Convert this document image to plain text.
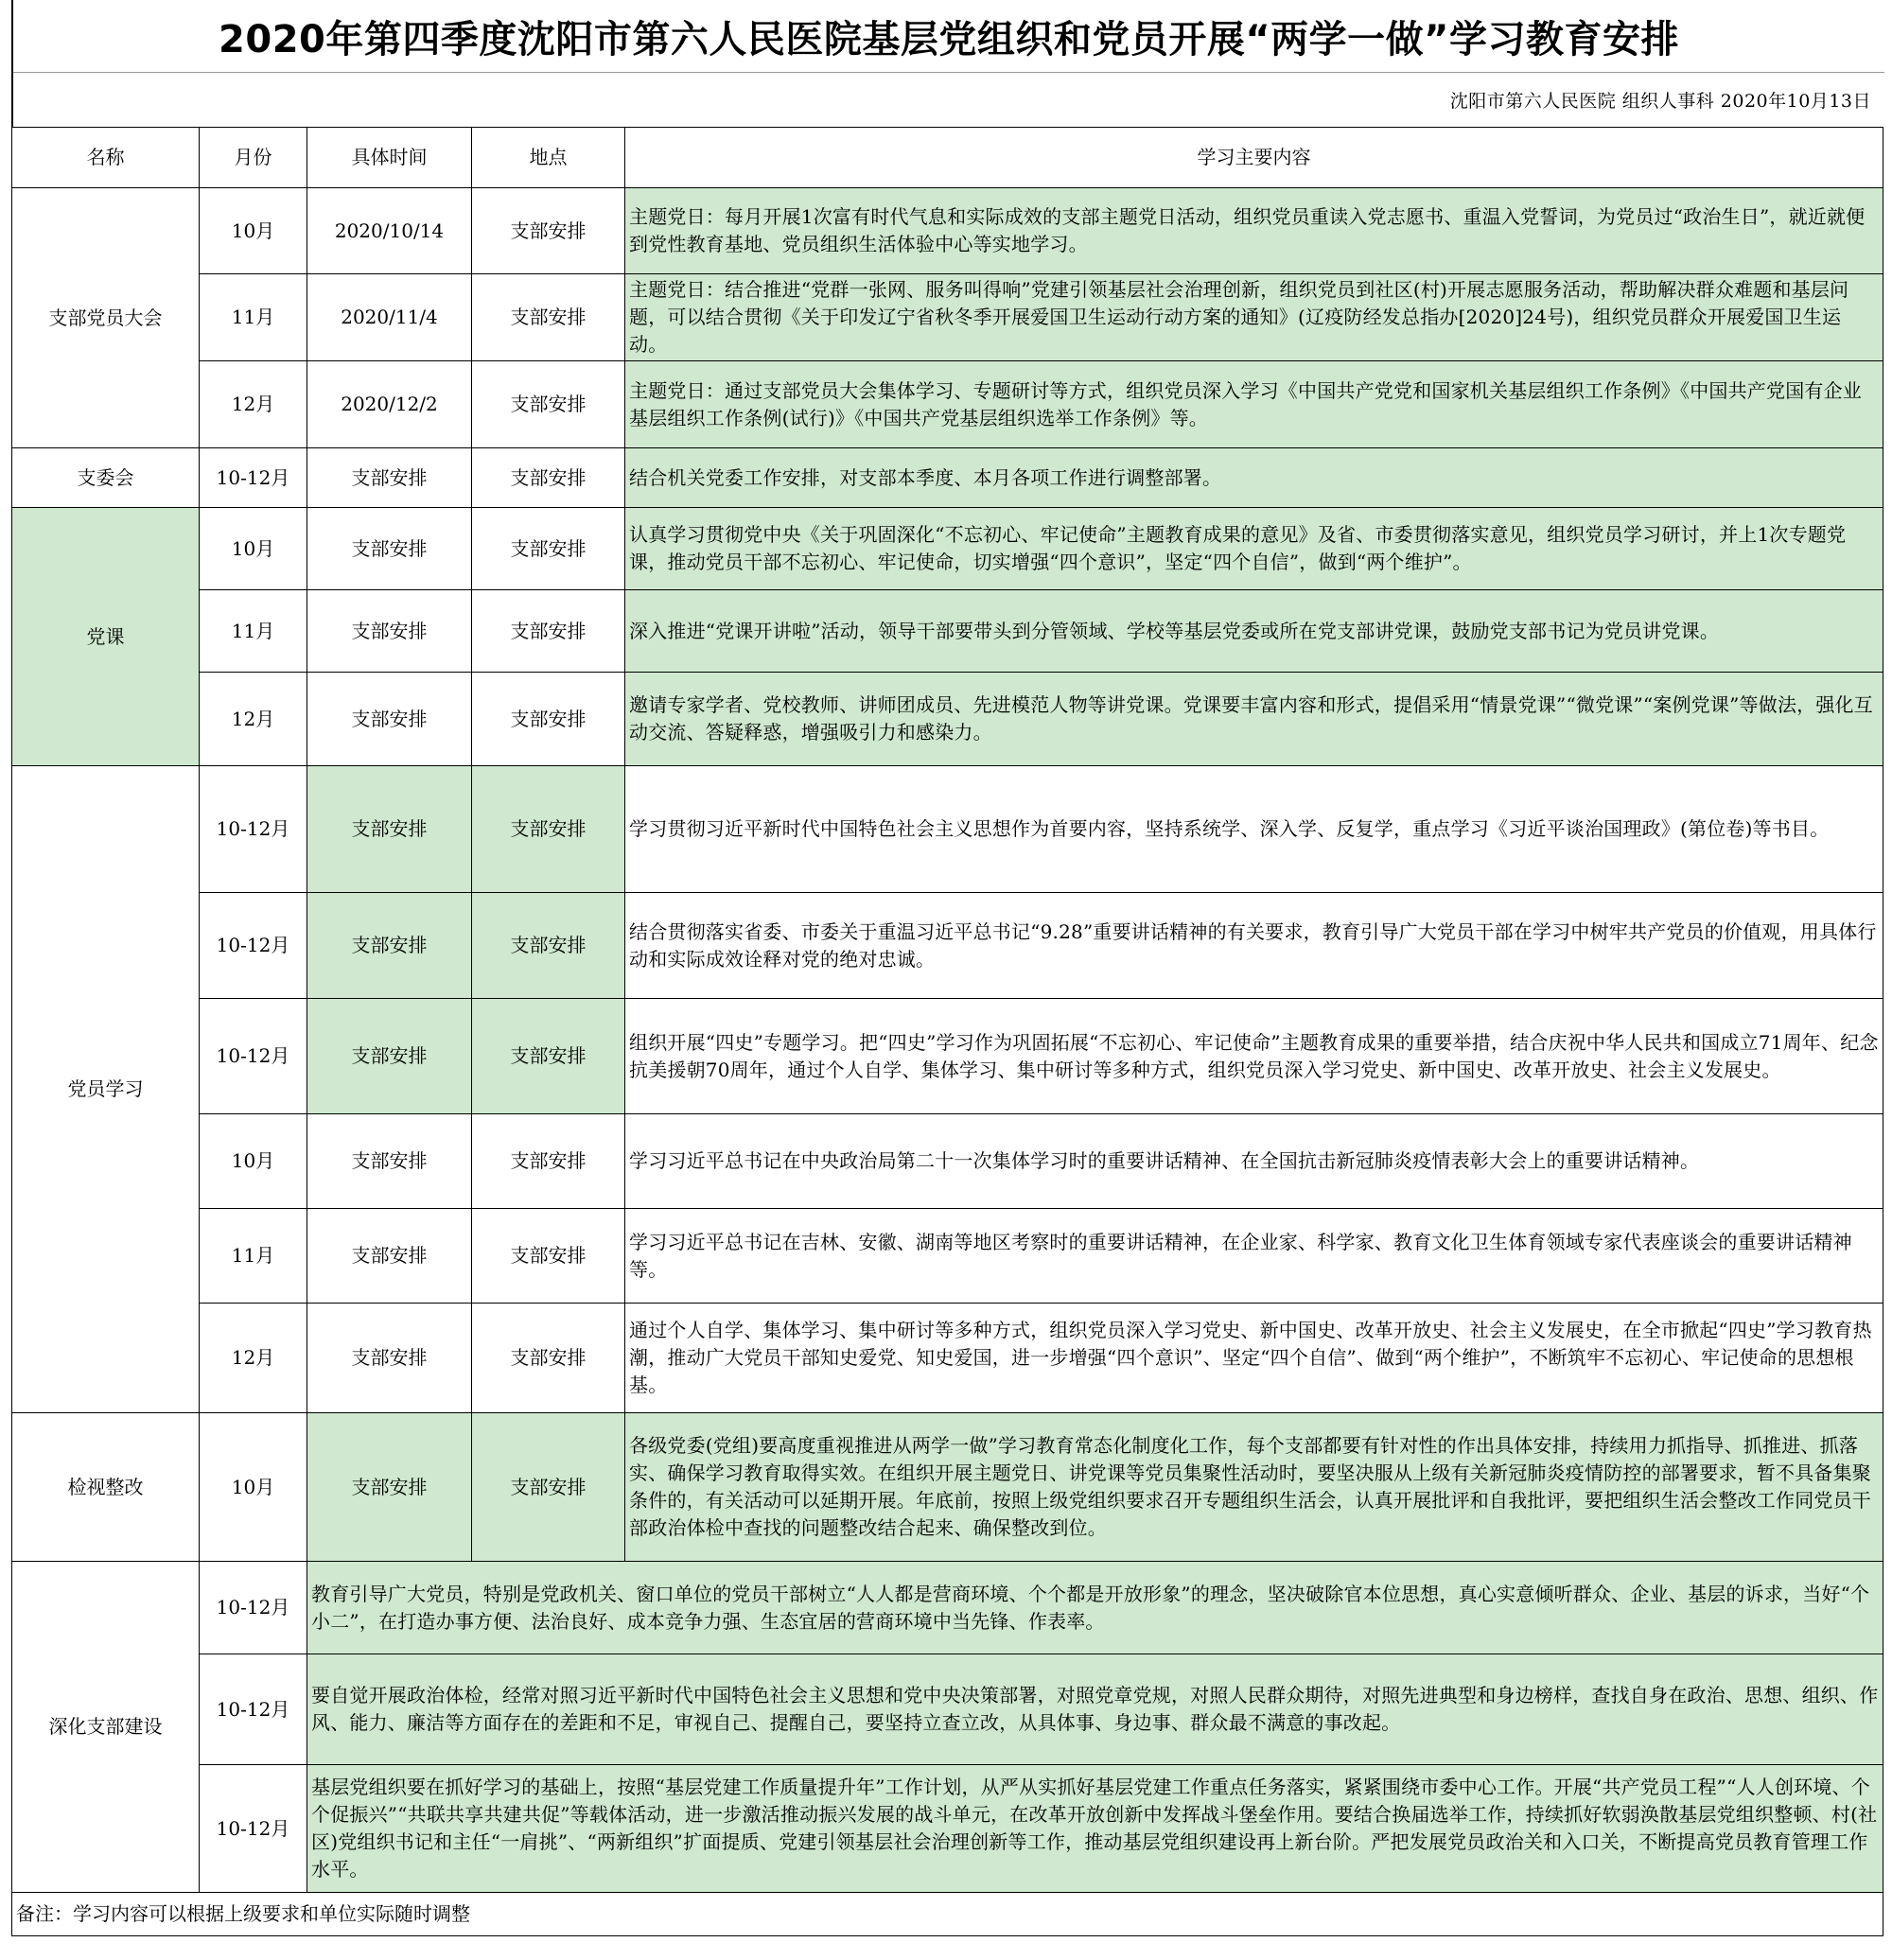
2020年第四季度沈阳市第六人民医院基层党组织和党员开展“两学一做”学习教育安排
沈阳市第六人民医院 组织人事科 2020年10月13日
名称	月份	具体时间	地点	学习主要内容
支部党员大会	10月	2020/10/14	支部安排	主题党日：每月开展1次富有时代气息和实际成效的支部主题党日活动，组织党员重读入党志愿书、重温入党誓词，为党员过“政治生日”，就近就便到党性教育基地、党员组织生活体验中心等实地学习。
	11月	2020/11/4	支部安排	主题党日：结合推进“党群一张网、服务叫得响”党建引领基层社会治理创新，组织党员到社区(村)开展志愿服务活动，帮助解决群众难题和基层问题，可以结合贯彻《关于印发辽宁省秋冬季开展爱国卫生运动行动方案的通知》(辽疫防经发总指办[2020]24号)，组织党员群众开展爱国卫生运动。
	12月	2020/12/2	支部安排	主题党日：通过支部党员大会集体学习、专题研讨等方式，组织党员深入学习《中国共产党党和国家机关基层组织工作条例》《中国共产党国有企业基层组织工作条例(试行)》《中国共产党基层组织选举工作条例》等。
支委会	10-12月	支部安排	支部安排	结合机关党委工作安排，对支部本季度、本月各项工作进行调整部署。
党课	10月	支部安排	支部安排	认真学习贯彻党中央《关于巩固深化“不忘初心、牢记使命”主题教育成果的意见》及省、市委贯彻落实意见，组织党员学习研讨，并上1次专题党课，推动党员干部不忘初心、牢记使命，切实增强“四个意识”，坚定“四个自信”，做到“两个维护”。
	11月	支部安排	支部安排	深入推进“党课开讲啦”活动，领导干部要带头到分管领域、学校等基层党委或所在党支部讲党课，鼓励党支部书记为党员讲党课。
	12月	支部安排	支部安排	邀请专家学者、党校教师、讲师团成员、先进模范人物等讲党课。党课要丰富内容和形式，提倡采用“情景党课”“微党课”“案例党课”等做法，强化互动交流、答疑释惑，增强吸引力和感染力。
党员学习	10-12月	支部安排	支部安排	学习贯彻习近平新时代中国特色社会主义思想作为首要内容，坚持系统学、深入学、反复学，重点学习《习近平谈治国理政》(第位卷)等书目。
	10-12月	支部安排	支部安排	结合贯彻落实省委、市委关于重温习近平总书记“9.28”重要讲话精神的有关要求，教育引导广大党员干部在学习中树牢共产党员的价值观，用具体行动和实际成效诠释对党的绝对忠诚。
	10-12月	支部安排	支部安排	组织开展“四史”专题学习。把“四史”学习作为巩固拓展“不忘初心、牢记使命”主题教育成果的重要举措，结合庆祝中华人民共和国成立71周年、纪念抗美援朝70周年，通过个人自学、集体学习、集中研讨等多种方式，组织党员深入学习党史、新中国史、改革开放史、社会主义发展史。
	10月	支部安排	支部安排	学习习近平总书记在中央政治局第二十一次集体学习时的重要讲话精神、在全国抗击新冠肺炎疫情表彰大会上的重要讲话精神。
	11月	支部安排	支部安排	学习习近平总书记在吉林、安徽、湖南等地区考察时的重要讲话精神，在企业家、科学家、教育文化卫生体育领域专家代表座谈会的重要讲话精神等。
	12月	支部安排	支部安排	通过个人自学、集体学习、集中研讨等多种方式，组织党员深入学习党史、新中国史、改革开放史、社会主义发展史，在全市掀起“四史”学习教育热潮，推动广大党员干部知史爱党、知史爱国，进一步增强“四个意识”、坚定“四个自信”、做到“两个维护”，不断筑牢不忘初心、牢记使命的思想根基。
检视整改	10月	支部安排	支部安排	各级党委(党组)要高度重视推进从两学一做”学习教育常态化制度化工作，每个支部都要有针对性的作出具体安排，持续用力抓指导、抓推进、抓落实、确保学习教育取得实效。在组织开展主题党日、讲党课等党员集聚性活动时，要坚决服从上级有关新冠肺炎疫情防控的部署要求，暂不具备集聚条件的，有关活动可以延期开展。年底前，按照上级党组织要求召开专题组织生活会，认真开展批评和自我批评，要把组织生活会整改工作同党员干部政治体检中查找的问题整改结合起来、确保整改到位。
深化支部建设	10-12月	教育引导广大党员，特别是党政机关、窗口单位的党员干部树立“人人都是营商环境、个个都是开放形象”的理念，坚决破除官本位思想，真心实意倾听群众、企业、基层的诉求，当好“个小二”，在打造办事方便、法治良好、成本竞争力强、生态宜居的营商环境中当先锋、作表率。		
	10-12月	要自觉开展政治体检，经常对照习近平新时代中国特色社会主义思想和党中央决策部署，对照党章党规，对照人民群众期待，对照先进典型和身边榜样，查找自身在政治、思想、组织、作风、能力、廉洁等方面存在的差距和不足，审视自己、提醒自己，要坚持立查立改，从具体事、身边事、群众最不满意的事改起。		
	10-12月	基层党组织要在抓好学习的基础上，按照“基层党建工作质量提升年”工作计划，从严从实抓好基层党建工作重点任务落实，紧紧围绕市委中心工作。开展“共产党员工程”“人人创环境、个个促振兴”“共联共享共建共促”等载体活动，进一步激活推动振兴发展的战斗单元，在改革开放创新中发挥战斗堡垒作用。要结合换届选举工作，持续抓好软弱涣散基层党组织整顿、村(社区)党组织书记和主任“一肩挑”、“两新组织”扩面提质、党建引领基层社会治理创新等工作，推动基层党组织建设再上新台阶。严把发展党员政治关和入口关，不断提高党员教育管理工作水平。		
备注：学习内容可以根据上级要求和单位实际随时调整				
